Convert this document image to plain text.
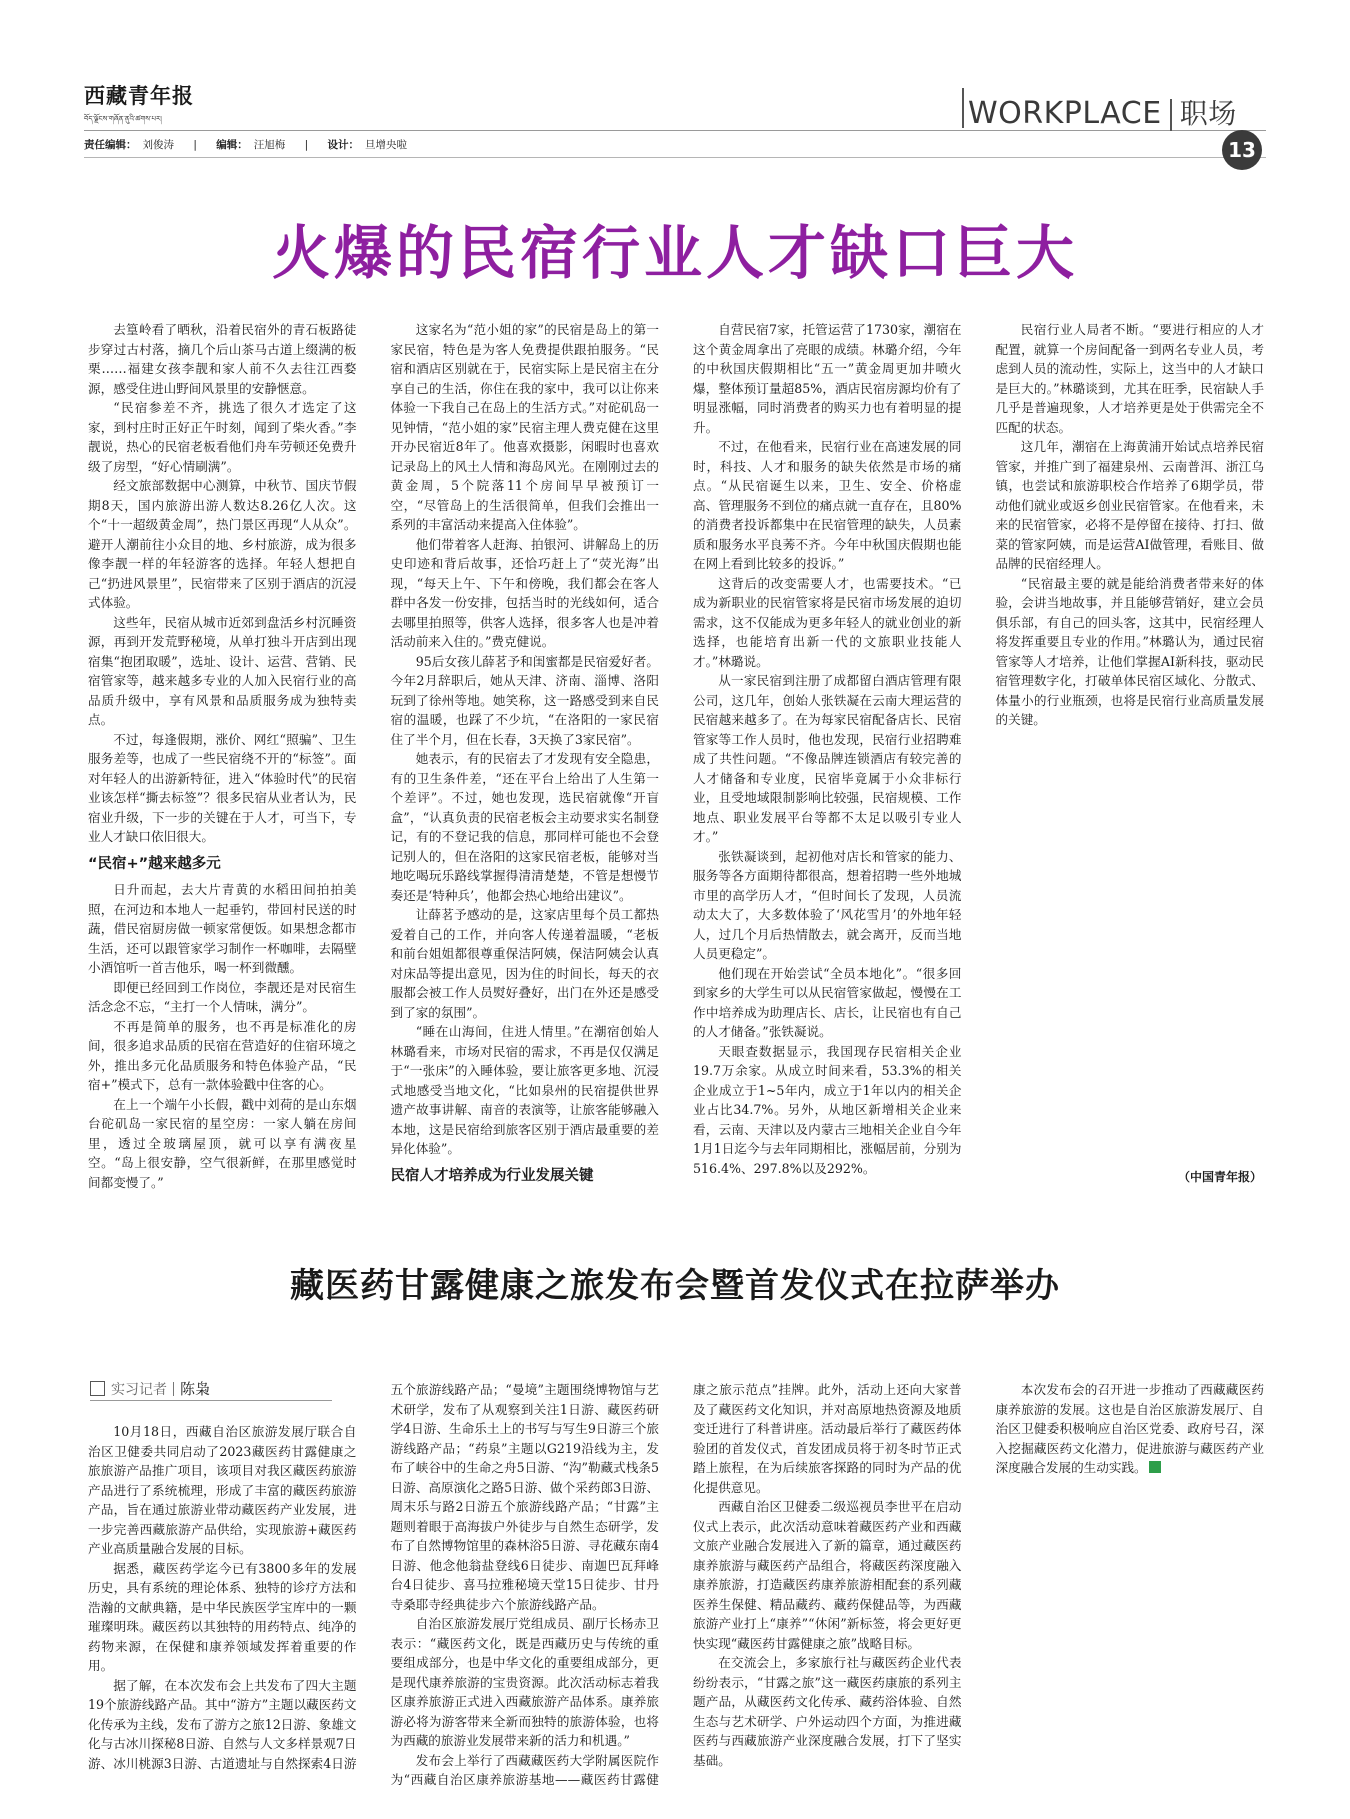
西藏青年报
བོད་ལྗོངས་གཞོན་ནུའི་ཚགས་པར།
责任编辑： 刘俊涛 | 编辑： 汪旭梅 | 设计： 旦增央啦
WORKPLACE 职场
13
火爆的民宿行业人才缺口巨大

去篁岭看了晒秋，沿着民宿外的青石板路徒步穿过古村落，摘几个后山茶马古道上缀满的板栗……福建女孩李靓和家人前不久去往江西婺源，感受住进山野间风景里的安静惬意。

“民宿参差不齐，挑选了很久才选定了这家，到村庄时正好正午时刻，闻到了柴火香。”李靓说，热心的民宿老板看他们舟车劳顿还免费升级了房型，“好心情刷满”。

经文旅部数据中心测算，中秋节、国庆节假期8天，国内旅游出游人数达8.26亿人次。这个“十一超级黄金周”，热门景区再现“人从众”。避开人潮前往小众目的地、乡村旅游，成为很多像李靓一样的年轻游客的选择。年轻人想把自己“扔进风景里”，民宿带来了区别于酒店的沉浸式体验。

这些年，民宿从城市近郊到盘活乡村沉睡资源，再到开发荒野秘境，从单打独斗开店到出现宿集“抱团取暖”，选址、设计、运营、营销、民宿管家等，越来越多专业的人加入民宿行业的高品质升级中，享有风景和品质服务成为独特卖点。

不过，每逢假期，涨价、网红“照骗”、卫生服务差等，也成了一些民宿绕不开的“标签”。面对年轻人的出游新特征，进入“体验时代”的民宿业该怎样“撕去标签”？很多民宿从业者认为，民宿业升级，下一步的关键在于人才，可当下，专业人才缺口依旧很大。

“民宿+”越来越多元

日升而起，去大片青黄的水稻田间拍拍美照，在河边和本地人一起垂钓，带回村民送的时蔬，借民宿厨房做一顿家常便饭。如果想念都市生活，还可以跟管家学习制作一杯咖啡，去隔壁小酒馆听一首吉他乐，喝一杯到微醺。

即便已经回到工作岗位，李靓还是对民宿生活念念不忘，“主打一个人情味，满分”。

不再是简单的服务，也不再是标准化的房间，很多追求品质的民宿在营造好的住宿环境之外，推出多元化品质服务和特色体验产品，“民宿+”模式下，总有一款体验戳中住客的心。

在上一个端午小长假，戳中刘荷的是山东烟台砣矶岛一家民宿的星空房：一家人躺在房间里，透过全玻璃屋顶，就可以享有满夜星空。“岛上很安静，空气很新鲜，在那里感觉时间都变慢了。”

这家名为“范小姐的家”的民宿是岛上的第一家民宿，特色是为客人免费提供跟拍服务。“民宿和酒店区别就在于，民宿实际上是民宿主在分享自己的生活，你住在我的家中，我可以让你来体验一下我自己在岛上的生活方式。”对砣矶岛一见钟情，“范小姐的家”民宿主理人费克健在这里开办民宿近8年了。他喜欢摄影，闲暇时也喜欢记录岛上的风土人情和海岛风光。在刚刚过去的黄金周，5个院落11个房间早早被预订一空，“尽管岛上的生活很简单，但我们会推出一系列的丰富活动来提高入住体验”。

他们带着客人赶海、拍银河、讲解岛上的历史印迹和背后故事，还恰巧赶上了“荧光海”出现，“每天上午、下午和傍晚，我们都会在客人群中各发一份安排，包括当时的光线如何，适合去哪里拍照等，供客人选择，很多客人也是冲着活动前来入住的。”费克健说。

95后女孩儿薛茗予和闺蜜都是民宿爱好者。今年2月辞职后，她从天津、济南、淄博、洛阳玩到了徐州等地。她笑称，这一路感受到来自民宿的温暖，也踩了不少坑，“在洛阳的一家民宿住了半个月，但在长春，3天换了3家民宿”。

她表示，有的民宿去了才发现有安全隐患，有的卫生条件差，“还在平台上给出了人生第一个差评”。不过，她也发现，选民宿就像“开盲盒”，“认真负责的民宿老板会主动要求实名制登记，有的不登记我的信息，那同样可能也不会登记别人的，但在洛阳的这家民宿老板，能够对当地吃喝玩乐路线掌握得清清楚楚，不管是想慢节奏还是‘特种兵’，他都会热心地给出建议”。

让薛茗予感动的是，这家店里每个员工都热爱着自己的工作，并向客人传递着温暖，“老板和前台姐姐都很尊重保洁阿姨，保洁阿姨会认真对床品等提出意见，因为住的时间长，每天的衣服都会被工作人员熨好叠好，出门在外还是感受到了家的氛围”。

“睡在山海间，住进人情里。”在潮宿创始人林璐看来，市场对民宿的需求，不再是仅仅满足于“一张床”的入睡体验，要让旅客更多地、沉浸式地感受当地文化，“比如泉州的民宿提供世界遗产故事讲解、南音的表演等，让旅客能够融入本地，这是民宿给到旅客区别于酒店最重要的差异化体验”。

民宿人才培养成为行业发展关键

自营民宿7家，托管运营了1730家，潮宿在这个黄金周拿出了亮眼的成绩。林璐介绍，今年的中秋国庆假期相比“五一”黄金周更加井喷火爆，整体预订量超85%，酒店民宿房源均价有了明显涨幅，同时消费者的购买力也有着明显的提升。

不过，在他看来，民宿行业在高速发展的同时，科技、人才和服务的缺失依然是市场的痛点。“从民宿诞生以来，卫生、安全、价格虚高、管理服务不到位的痛点就一直存在，且80%的消费者投诉都集中在民宿管理的缺失，人员素质和服务水平良莠不齐。今年中秋国庆假期也能在网上看到比较多的投诉。”

这背后的改变需要人才，也需要技术。“已成为新职业的民宿管家将是民宿市场发展的迫切需求，这不仅能成为更多年轻人的就业创业的新选择，也能培育出新一代的文旅职业技能人才。”林璐说。

从一家民宿到注册了成都留白酒店管理有限公司，这几年，创始人张铁凝在云南大理运营的民宿越来越多了。在为每家民宿配备店长、民宿管家等工作人员时，他也发现，民宿行业招聘难成了共性问题。“不像品牌连锁酒店有较完善的人才储备和专业度，民宿毕竟属于小众非标行业，且受地域限制影响比较强，民宿规模、工作地点、职业发展平台等都不太足以吸引专业人才。”

张铁凝谈到，起初他对店长和管家的能力、服务等各方面期待都很高，想着招聘一些外地城市里的高学历人才，“但时间长了发现，人员流动太大了，大多数体验了‘风花雪月’的外地年轻人，过几个月后热情散去，就会离开，反而当地人员更稳定”。

他们现在开始尝试“全员本地化”。“很多回到家乡的大学生可以从民宿管家做起，慢慢在工作中培养成为助理店长、店长，让民宿也有自己的人才储备。”张铁凝说。

天眼查数据显示，我国现存民宿相关企业19.7万余家。从成立时间来看，53.3%的相关企业成立于1~5年内，成立于1年以内的相关企业占比34.7%。另外，从地区新增相关企业来看，云南、天津以及内蒙古三地相关企业自今年1月1日迄今与去年同期相比，涨幅居前，分别为516.4%、297.8%以及292%。

民宿行业人局者不断。“要进行相应的人才配置，就算一个房间配备一到两名专业人员，考虑到人员的流动性，实际上，这当中的人才缺口是巨大的。”林璐谈到，尤其在旺季，民宿缺人手几乎是普遍现象，人才培养更是处于供需完全不匹配的状态。

这几年，潮宿在上海黄浦开始试点培养民宿管家，并推广到了福建泉州、云南普洱、浙江乌镇，也尝试和旅游职校合作培养了6期学员，带动他们就业或返乡创业民宿管家。在他看来，未来的民宿管家，必将不是停留在接待、打扫、做菜的管家阿姨，而是运营AI做管理，看账目、做品牌的民宿经理人。

“民宿最主要的就是能给消费者带来好的体验，会讲当地故事，并且能够营销好，建立会员俱乐部，有自己的回头客，这其中，民宿经理人将发挥重要且专业的作用。”林璐认为，通过民宿管家等人才培养，让他们掌握AI新科技，驱动民宿管理数字化，打破单体民宿区域化、分散式、体量小的行业瓶颈，也将是民宿行业高质量发展的关键。

（中国青年报）
藏医药甘露健康之旅发布会暨首发仪式在拉萨举办
实习记者 陈枭

10月18日，西藏自治区旅游发展厅联合自治区卫健委共同启动了2023藏医药甘露健康之旅旅游产品推广项目，该项目对我区藏医药旅游产品进行了系统梳理，形成了丰富的藏医药旅游产品，旨在通过旅游业带动藏医药产业发展，进一步完善西藏旅游产品供给，实现旅游+藏医药产业高质量融合发展的目标。

据悉，藏医药学迄今已有3800多年的发展历史，具有系统的理论体系、独特的诊疗方法和浩瀚的文献典籍，是中华民族医学宝库中的一颗璀璨明珠。藏医药以其独特的用药特点、纯净的药物来源，在保健和康养领域发挥着重要的作用。

据了解，在本次发布会上共发布了四大主题19个旅游线路产品。其中“游方”主题以藏医药文化传承为主线，发布了游方之旅12日游、象雄文化与古冰川探秘8日游、自然与人文多样景观7日游、冰川桃源3日游、古道遗址与自然探索4日游五个旅游线路产品；“曼境”主题围绕博物馆与艺术研学，发布了从观察到关注1日游、藏医药研学4日游、生命乐土上的书写与写生9日游三个旅游线路产品；“药泉”主题以G219沿线为主，发布了峡谷中的生命之舟5日游、“沟”勒藏式栈条5日游、高原演化之路5日游、做个采药郎3日游、周末乐与路2日游五个旅游线路产品；“甘露”主题则着眼于高海拔户外徒步与自然生态研学，发布了自然博物馆里的森林浴5日游、寻花藏东南4日游、他念他翁盐登线6日徒步、南迦巴瓦拜峰台4日徒步、喜马拉雅秘境天堂15日徒步、甘丹寺桑耶寺经典徒步六个旅游线路产品。

自治区旅游发展厅党组成员、副厅长杨赤卫表示：“藏医药文化，既是西藏历史与传统的重要组成部分，也是中华文化的重要组成部分，更是现代康养旅游的宝贵资源。此次活动标志着我区康养旅游正式进入西藏旅游产品体系。康养旅游必将为游客带来全新而独特的旅游体验，也将为西藏的旅游业发展带来新的活力和机遇。”

发布会上举行了西藏藏医药大学附属医院作为“西藏自治区康养旅游基地——藏医药甘露健康之旅示范点”挂牌。此外，活动上还向大家普及了藏医药文化知识，并对高原地热资源及地质变迁进行了科普讲座。活动最后举行了藏医药体验团的首发仪式，首发团成员将于初冬时节正式踏上旅程，在为后续旅客探路的同时为产品的优化提供意见。

西藏自治区卫健委二级巡视员李世平在启动仪式上表示，此次活动意味着藏医药产业和西藏文旅产业融合发展进入了新的篇章，通过藏医药康养旅游与藏医药产品组合，将藏医药深度融入康养旅游，打造藏医药康养旅游相配套的系列藏医养生保健、精品藏药、藏药保健品等，为西藏旅游产业打上“康养”“休闲”新标签，将会更好更快实现“藏医药甘露健康之旅”战略目标。

在交流会上，多家旅行社与藏医药企业代表纷纷表示，“甘露之旅”这一藏医药康旅的系列主题产品，从藏医药文化传承、藏药浴体验、自然生态与艺术研学、户外运动四个方面，为推进藏医药与西藏旅游产业深度融合发展，打下了坚实基础。

本次发布会的召开进一步推动了西藏藏医药康养旅游的发展。这也是自治区旅游发展厅、自治区卫健委积极响应自治区党委、政府号召，深入挖掘藏医药文化潜力，促进旅游与藏医药产业深度融合发展的生动实践。
